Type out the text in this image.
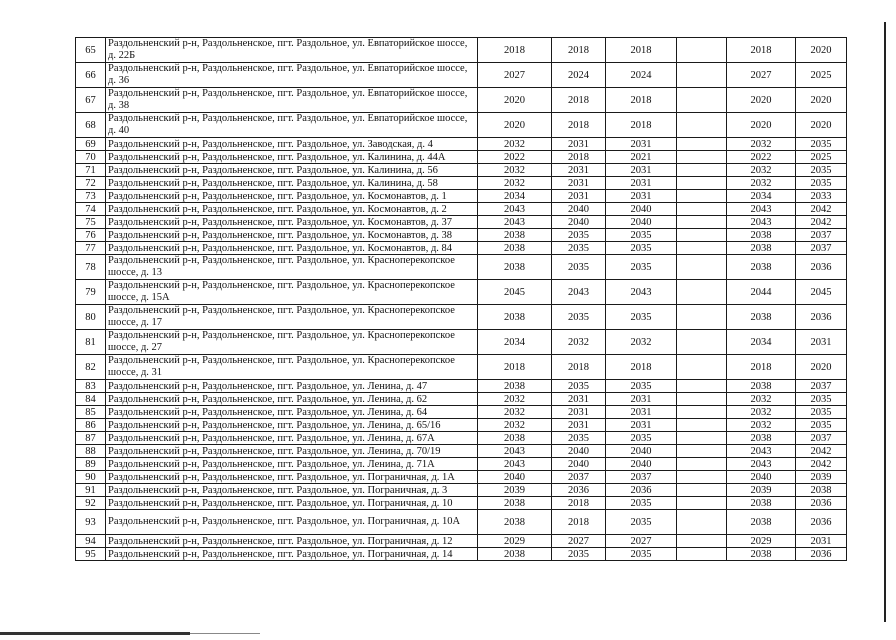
65	Раздольненский р-н, Раздольненское, пгт. Раздольное, ул. Евпаторийское шоссе, д. 22Б	2018	2018	2018		2018	2020
66	Раздольненский р-н, Раздольненское, пгт. Раздольное, ул. Евпаторийское шоссе, д. 36	2027	2024	2024		2027	2025
67	Раздольненский р-н, Раздольненское, пгт. Раздольное, ул. Евпаторийское шоссе, д. 38	2020	2018	2018		2020	2020
68	Раздольненский р-н, Раздольненское, пгт. Раздольное, ул. Евпаторийское шоссе, д. 40	2020	2018	2018		2020	2020
69	Раздольненский р-н, Раздольненское, пгт. Раздольное, ул. Заводская, д. 4	2032	2031	2031		2032	2035
70	Раздольненский р-н, Раздольненское, пгт. Раздольное, ул. Калинина, д. 44А	2022	2018	2021		2022	2025
71	Раздольненский р-н, Раздольненское, пгт. Раздольное, ул. Калинина, д. 56	2032	2031	2031		2032	2035
72	Раздольненский р-н, Раздольненское, пгт. Раздольное, ул. Калинина, д. 58	2032	2031	2031		2032	2035
73	Раздольненский р-н, Раздольненское, пгт. Раздольное, ул. Космонавтов, д. 1	2034	2031	2031		2034	2033
74	Раздольненский р-н, Раздольненское, пгт. Раздольное, ул. Космонавтов, д. 2	2043	2040	2040		2043	2042
75	Раздольненский р-н, Раздольненское, пгт. Раздольное, ул. Космонавтов, д. 37	2043	2040	2040		2043	2042
76	Раздольненский р-н, Раздольненское, пгт. Раздольное, ул. Космонавтов, д. 38	2038	2035	2035		2038	2037
77	Раздольненский р-н, Раздольненское, пгт. Раздольное, ул. Космонавтов, д. 84	2038	2035	2035		2038	2037
78	Раздольненский р-н, Раздольненское, пгт. Раздольное, ул. Красноперекопское шоссе, д. 13	2038	2035	2035		2038	2036
79	Раздольненский р-н, Раздольненское, пгт. Раздольное, ул. Красноперекопское шоссе, д. 15А	2045	2043	2043		2044	2045
80	Раздольненский р-н, Раздольненское, пгт. Раздольное, ул. Красноперекопское шоссе, д. 17	2038	2035	2035		2038	2036
81	Раздольненский р-н, Раздольненское, пгт. Раздольное, ул. Красноперекопское шоссе, д. 27	2034	2032	2032		2034	2031
82	Раздольненский р-н, Раздольненское, пгт. Раздольное, ул. Красноперекопское шоссе, д. 31	2018	2018	2018		2018	2020
83	Раздольненский р-н, Раздольненское, пгт. Раздольное, ул. Ленина, д. 47	2038	2035	2035		2038	2037
84	Раздольненский р-н, Раздольненское, пгт. Раздольное, ул. Ленина, д. 62	2032	2031	2031		2032	2035
85	Раздольненский р-н, Раздольненское, пгт. Раздольное, ул. Ленина, д. 64	2032	2031	2031		2032	2035
86	Раздольненский р-н, Раздольненское, пгт. Раздольное, ул. Ленина, д. 65/16	2032	2031	2031		2032	2035
87	Раздольненский р-н, Раздольненское, пгт. Раздольное, ул. Ленина, д. 67А	2038	2035	2035		2038	2037
88	Раздольненский р-н, Раздольненское, пгт. Раздольное, ул. Ленина, д. 70/19	2043	2040	2040		2043	2042
89	Раздольненский р-н, Раздольненское, пгт. Раздольное, ул. Ленина, д. 71А	2043	2040	2040		2043	2042
90	Раздольненский р-н, Раздольненское, пгт. Раздольное, ул. Пограничная, д. 1А	2040	2037	2037		2040	2039
91	Раздольненский р-н, Раздольненское, пгт. Раздольное, ул. Пограничная, д. 3	2039	2036	2036		2039	2038
92	Раздольненский р-н, Раздольненское, пгт. Раздольное, ул. Пограничная, д. 10	2038	2018	2035		2038	2036
93	Раздольненский р-н, Раздольненское, пгт. Раздольное, ул. Пограничная, д. 10А	2038	2018	2035		2038	2036
94	Раздольненский р-н, Раздольненское, пгт. Раздольное, ул. Пограничная, д. 12	2029	2027	2027		2029	2031
95	Раздольненский р-н, Раздольненское, пгт. Раздольное, ул. Пограничная, д. 14	2038	2035	2035		2038	2036
